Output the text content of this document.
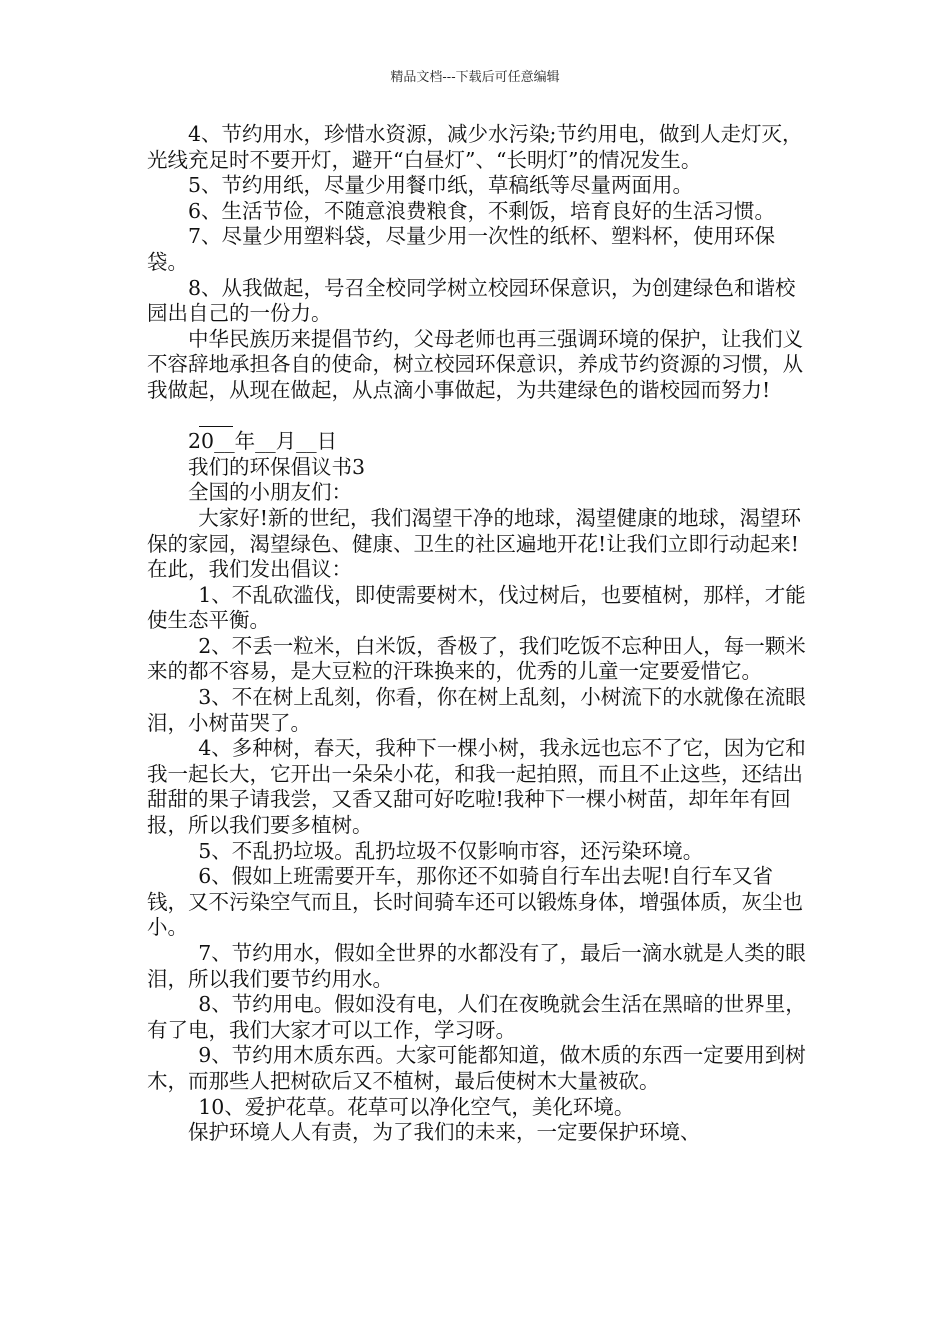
精品文档---下载后可任意编辑

4、节约用水，珍惜水资源，减少水污染;节约用电，做到人走灯灭，光线充足时不要开灯，避开“白昼灯”、“长明灯”的情况发生。

5、节约用纸，尽量少用餐巾纸，草稿纸等尽量两面用。

6、生活节俭，不随意浪费粮食，不剩饭，培育良好的生活习惯。

7、尽量少用塑料袋，尽量少用一次性的纸杯、塑料杯，使用环保袋。

8、从我做起，号召全校同学树立校园环保意识，为创建绿色和谐校园出自己的一份力。

中华民族历来提倡节约，父母老师也再三强调环境的保护，让我们义不容辞地承担各自的使命，树立校园环保意识，养成节约资源的习惯，从我做起，从现在做起，从点滴小事做起，为共建绿色的谐校园而努力!

20__年__月__日

我们的环保倡议书3

全国的小朋友们：

大家好!新的世纪，我们渴望干净的地球，渴望健康的地球，渴望环保的家园，渴望绿色、健康、卫生的社区遍地开花!让我们立即行动起来!在此，我们发出倡议：

1、不乱砍滥伐，即使需要树木，伐过树后，也要植树，那样，才能使生态平衡。

2、不丢一粒米，白米饭，香极了，我们吃饭不忘种田人，每一颗米来的都不容易，是大豆粒的汗珠换来的，优秀的儿童一定要爱惜它。

3、不在树上乱刻，你看，你在树上乱刻，小树流下的水就像在流眼泪，小树苗哭了。

4、多种树，春天，我种下一棵小树，我永远也忘不了它，因为它和我一起长大，它开出一朵朵小花，和我一起拍照，而且不止这些，还结出甜甜的果子请我尝，又香又甜可好吃啦!我种下一棵小树苗，却年年有回报，所以我们要多植树。

5、不乱扔垃圾。乱扔垃圾不仅影响市容，还污染环境。

6、假如上班需要开车，那你还不如骑自行车出去呢!自行车又省钱，又不污染空气而且，长时间骑车还可以锻炼身体，增强体质，灰尘也小。

7、节约用水，假如全世界的水都没有了，最后一滴水就是人类的眼泪，所以我们要节约用水。

8、节约用电。假如没有电，人们在夜晚就会生活在黑暗的世界里，有了电，我们大家才可以工作，学习呀。

9、节约用木质东西。大家可能都知道，做木质的东西一定要用到树木，而那些人把树砍后又不植树，最后使树木大量被砍。

10、爱护花草。花草可以净化空气，美化环境。

保护环境人人有责，为了我们的未来，一定要保护环境、
